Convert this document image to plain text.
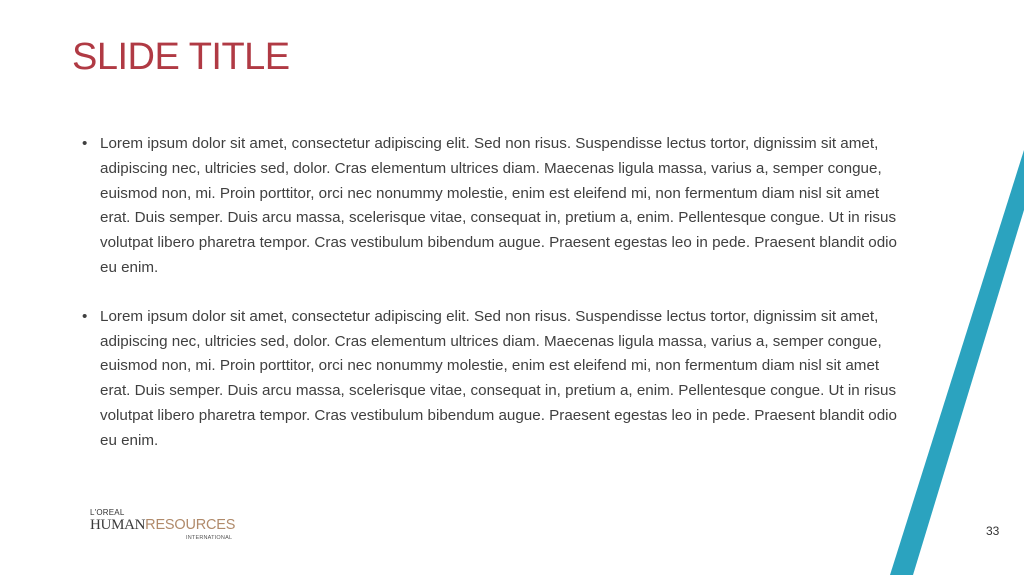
SLIDE TITLE
• Lorem ipsum dolor sit amet, consectetur adipiscing elit. Sed non risus. Suspendisse lectus tortor, dignissim sit amet, adipiscing nec, ultricies sed, dolor. Cras elementum ultrices diam. Maecenas ligula massa, varius a, semper congue, euismod non, mi. Proin porttitor, orci nec nonummy molestie, enim est eleifend mi, non fermentum diam nisl sit amet erat. Duis semper. Duis arcu massa, scelerisque vitae, consequat in, pretium a, enim. Pellentesque congue. Ut in risus volutpat libero pharetra tempor. Cras vestibulum bibendum augue. Praesent egestas leo in pede. Praesent blandit odio eu enim.
• Lorem ipsum dolor sit amet, consectetur adipiscing elit. Sed non risus. Suspendisse lectus tortor, dignissim sit amet, adipiscing nec, ultricies sed, dolor. Cras elementum ultrices diam. Maecenas ligula massa, varius a, semper congue, euismod non, mi. Proin porttitor, orci nec nonummy molestie, enim est eleifend mi, non fermentum diam nisl sit amet erat. Duis semper. Duis arcu massa, scelerisque vitae, consequat in, pretium a, enim. Pellentesque congue. Ut in risus volutpat libero pharetra tempor. Cras vestibulum bibendum augue. Praesent egestas leo in pede. Praesent blandit odio eu enim.
L'OREAL
HUMANRESOURCES
INTERNATIONAL	33
